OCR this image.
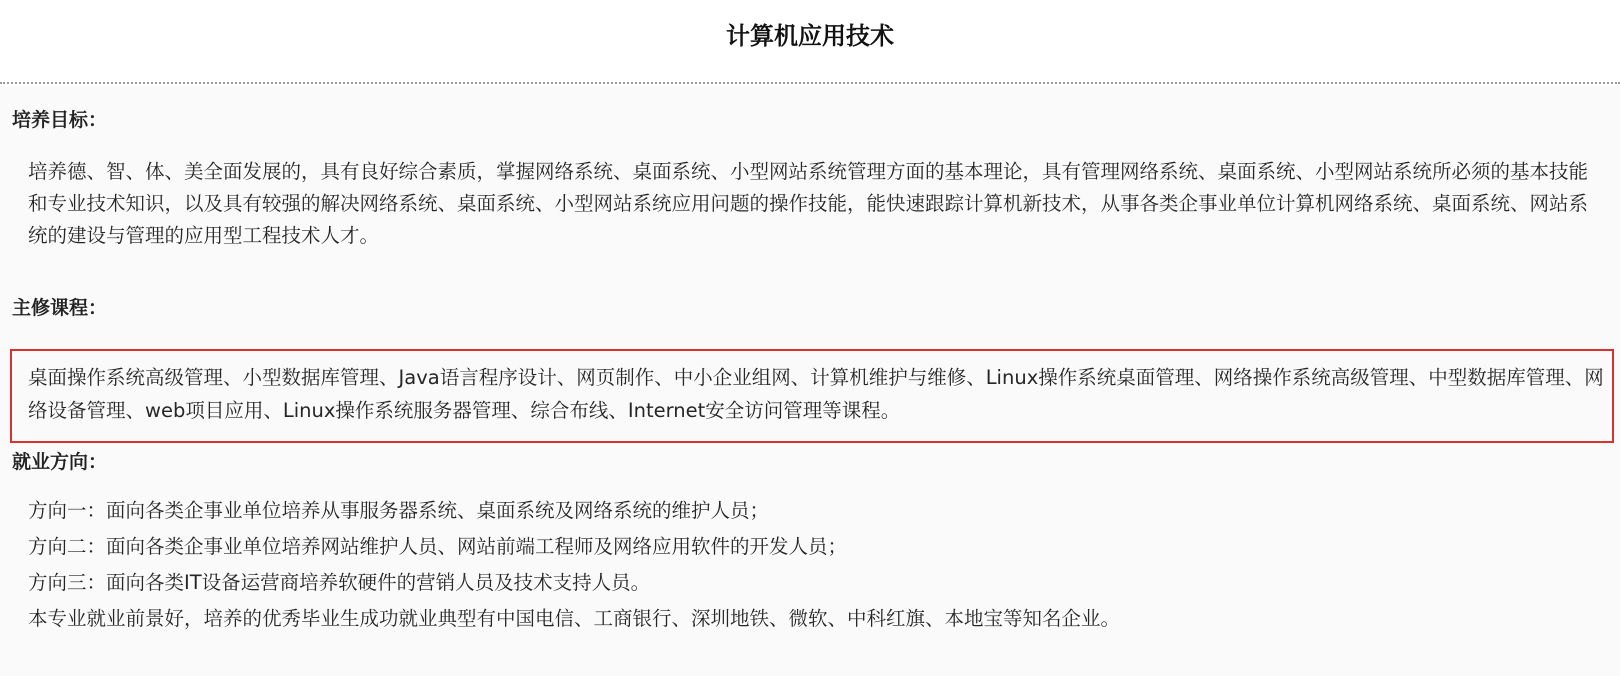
计算机应用技术
培养目标：
培养德、智、体、美全面发展的，具有良好综合素质，掌握网络系统、桌面系统、小型网站系统管理方面的基本理论，具有管理网络系统、桌面系统、小型网站系统所必须的基本技能和专业技术知识，以及具有较强的解决网络系统、桌面系统、小型网站系统应用问题的操作技能，能快速跟踪计算机新技术，从事各类企事业单位计算机网络系统、桌面系统、网站系统的建设与管理的应用型工程技术人才。
主修课程：
桌面操作系统高级管理、小型数据库管理、Java语言程序设计、网页制作、中小企业组网、计算机维护与维修、Linux操作系统桌面管理、网络操作系统高级管理、中型数据库管理、网络设备管理、web项目应用、Linux操作系统服务器管理、综合布线、Internet安全访问管理等课程。
就业方向：
方向一：面向各类企事业单位培养从事服务器系统、桌面系统及网络系统的维护人员；
方向二：面向各类企事业单位培养网站维护人员、网站前端工程师及网络应用软件的开发人员；
方向三：面向各类IT设备运营商培养软硬件的营销人员及技术支持人员。
本专业就业前景好，培养的优秀毕业生成功就业典型有中国电信、工商银行、深圳地铁、微软、中科红旗、本地宝等知名企业。
